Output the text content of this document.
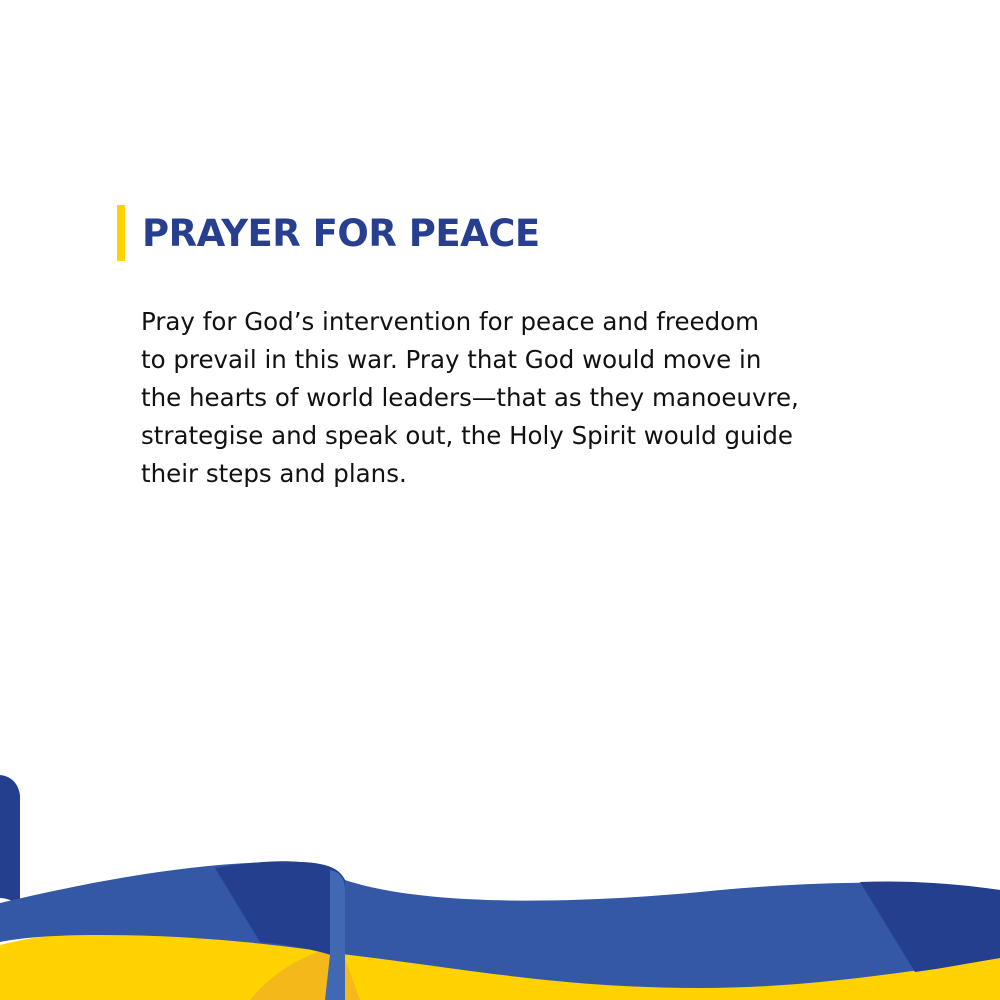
PRAYER FOR PEACE

Pray for God’s intervention for peace and freedom
to prevail in this war. Pray that God would move in
the hearts of world leaders—that as they manoeuvre,
strategise and speak out, the Holy Spirit would guide
their steps and plans.
